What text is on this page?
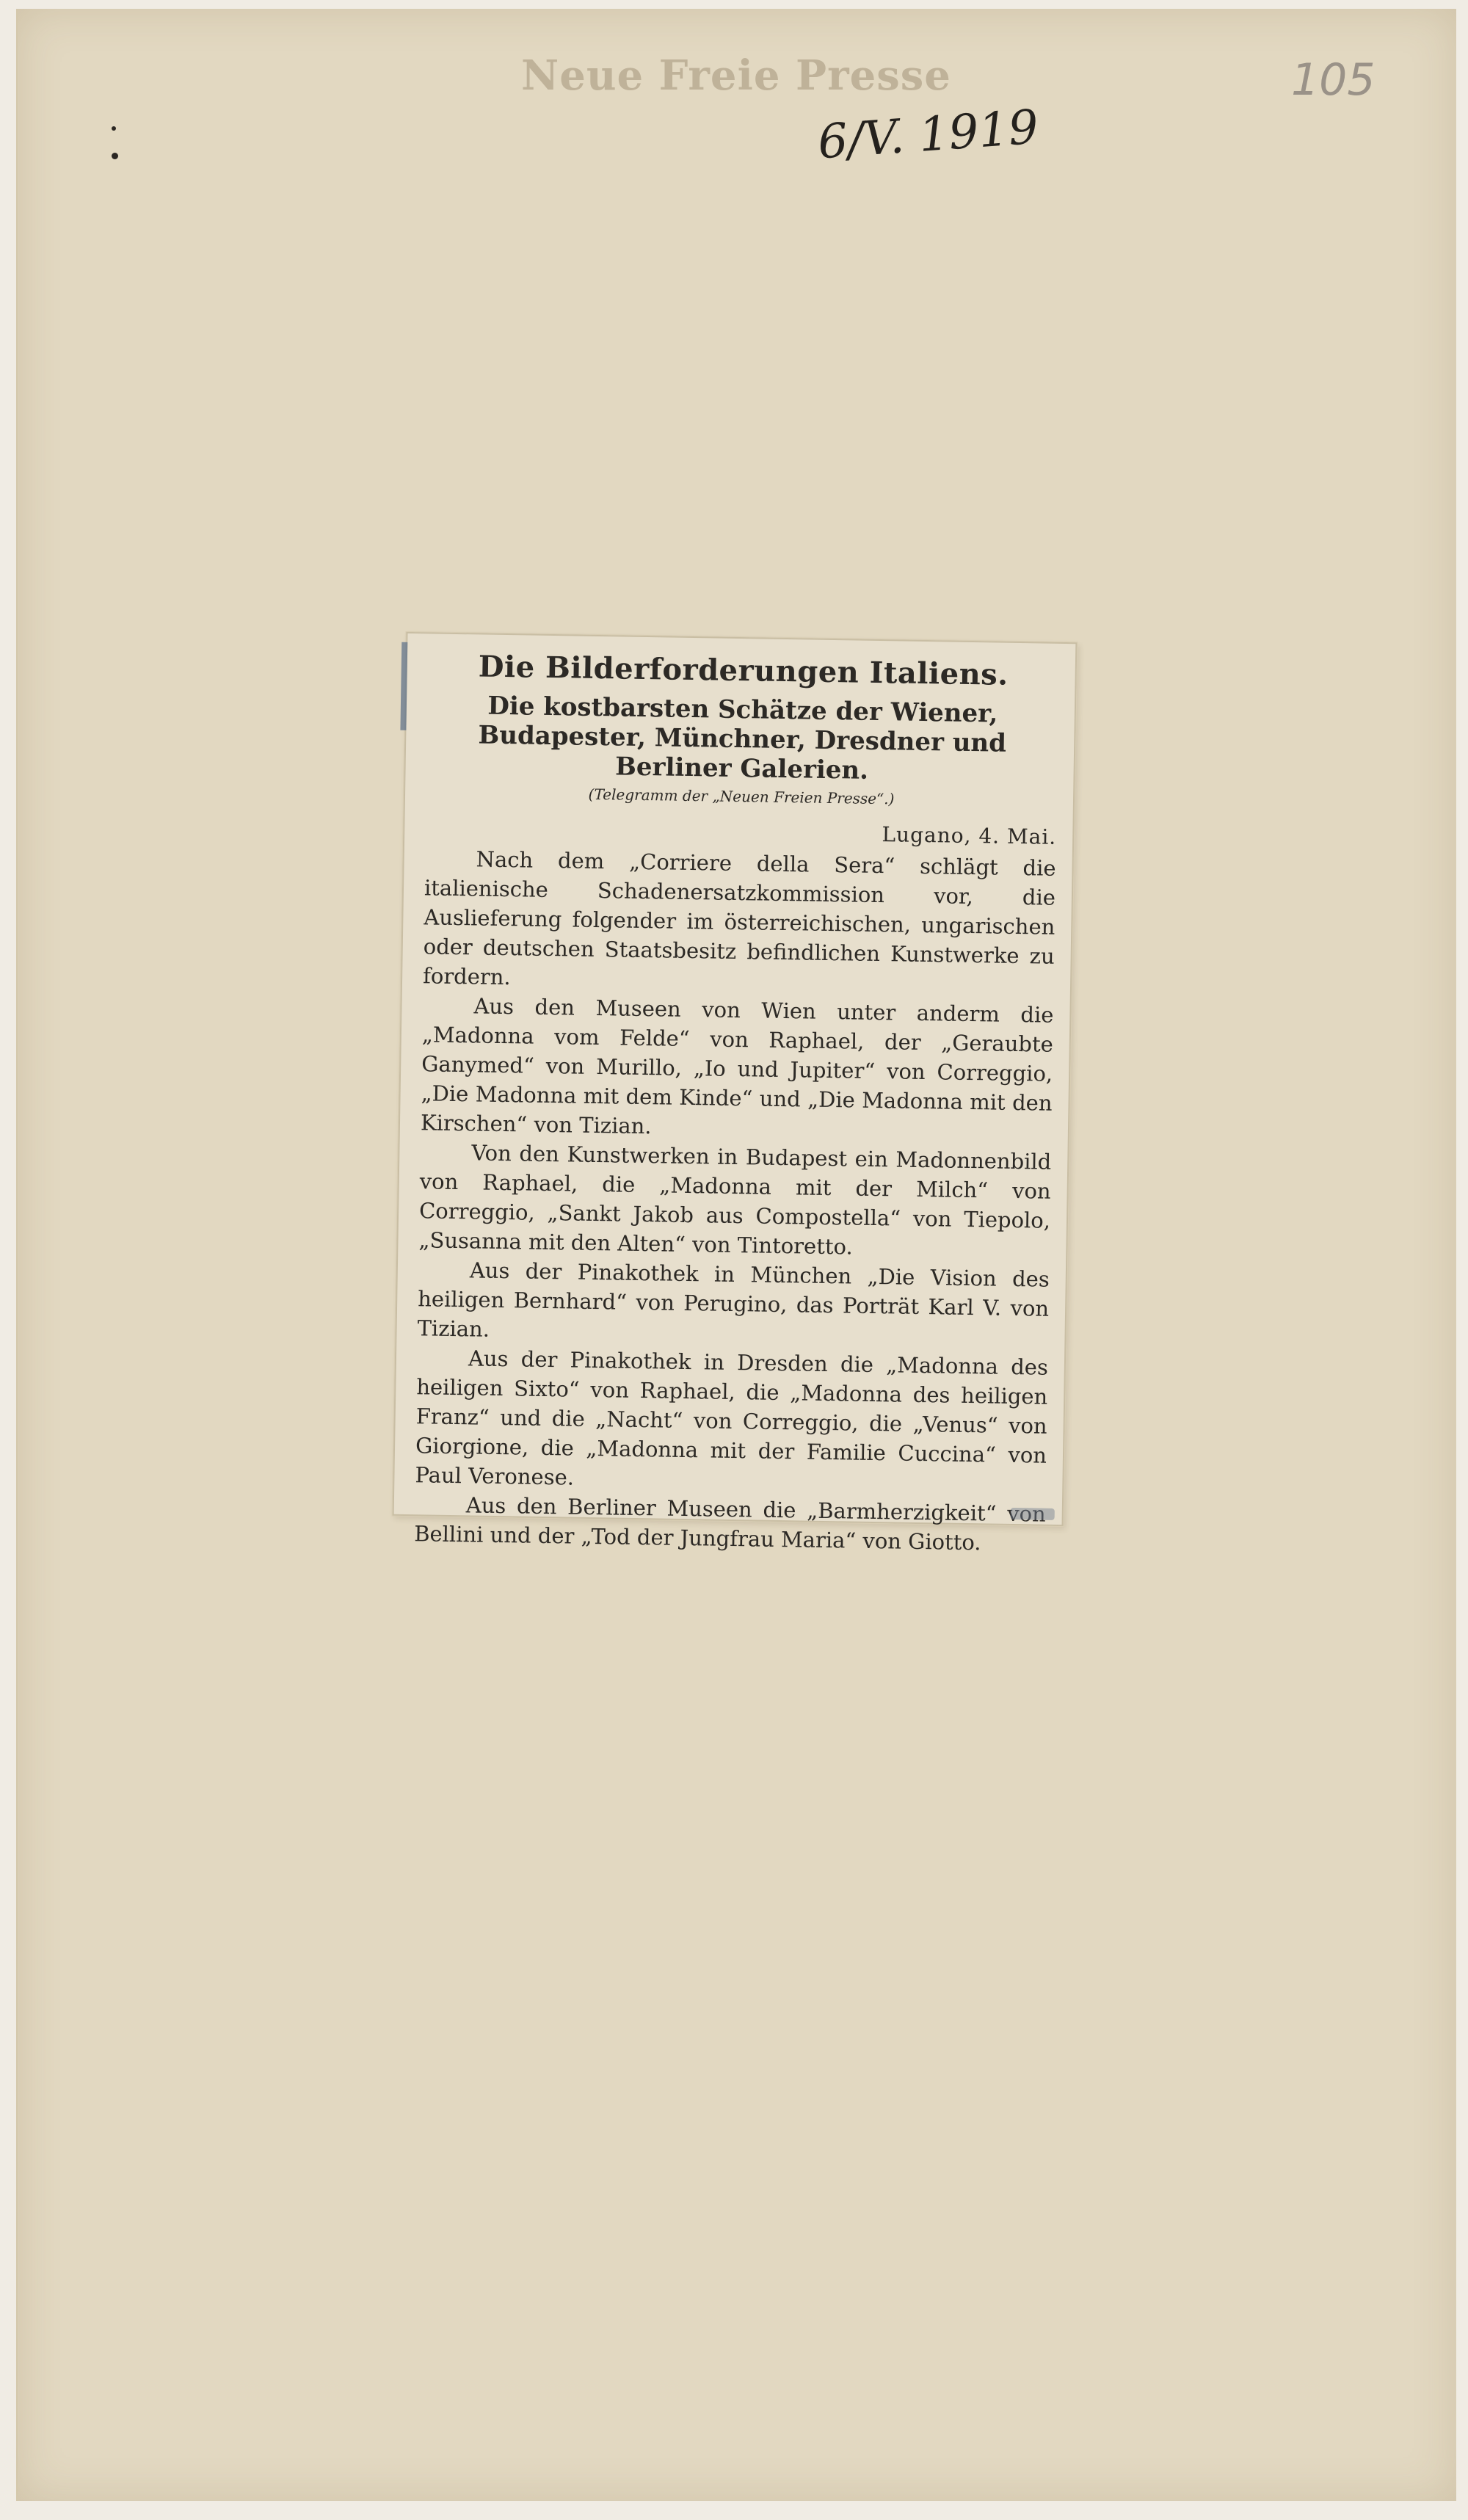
Neue Freie Presse
6/V. 1919
105
Die Bilderforderungen Italiens.
Die kostbarsten Schätze der Wiener, Budapester, Münchner, Dresdner und Berliner Galerien.
(Telegramm der „Neuen Freien Presse“.)
Lugano, 4. Mai.

Nach dem „Corriere della Sera“ schlägt die italienische Schadenersatzkommission vor, die Auslieferung folgender im österreichischen, ungarischen oder deutschen Staatsbesitz befindlichen Kunstwerke zu fordern.

Aus den Museen von Wien unter anderm die „Madonna vom Felde“ von Raphael, der „Geraubte Ganymed“ von Murillo, „Io und Jupiter“ von Correggio, „Die Madonna mit dem Kinde“ und „Die Madonna mit den Kirschen“ von Tizian.

Von den Kunstwerken in Budapest ein Madonnenbild von Raphael, die „Madonna mit der Milch“ von Correggio, „Sankt Jakob aus Compostella“ von Tiepolo, „Susanna mit den Alten“ von Tintoretto.

Aus der Pinakothek in München „Die Vision des heiligen Bernhard“ von Perugino, das Porträt Karl V. von Tizian.

Aus der Pinakothek in Dresden die „Madonna des heiligen Sixto“ von Raphael, die „Madonna des heiligen Franz“ und die „Nacht“ von Correggio, die „Venus“ von Giorgione, die „Madonna mit der Familie Cuccina“ von Paul Veronese.

Aus den Berliner Museen die „Barmherzigkeit“ von Bellini und der „Tod der Jungfrau Maria“ von Giotto.
